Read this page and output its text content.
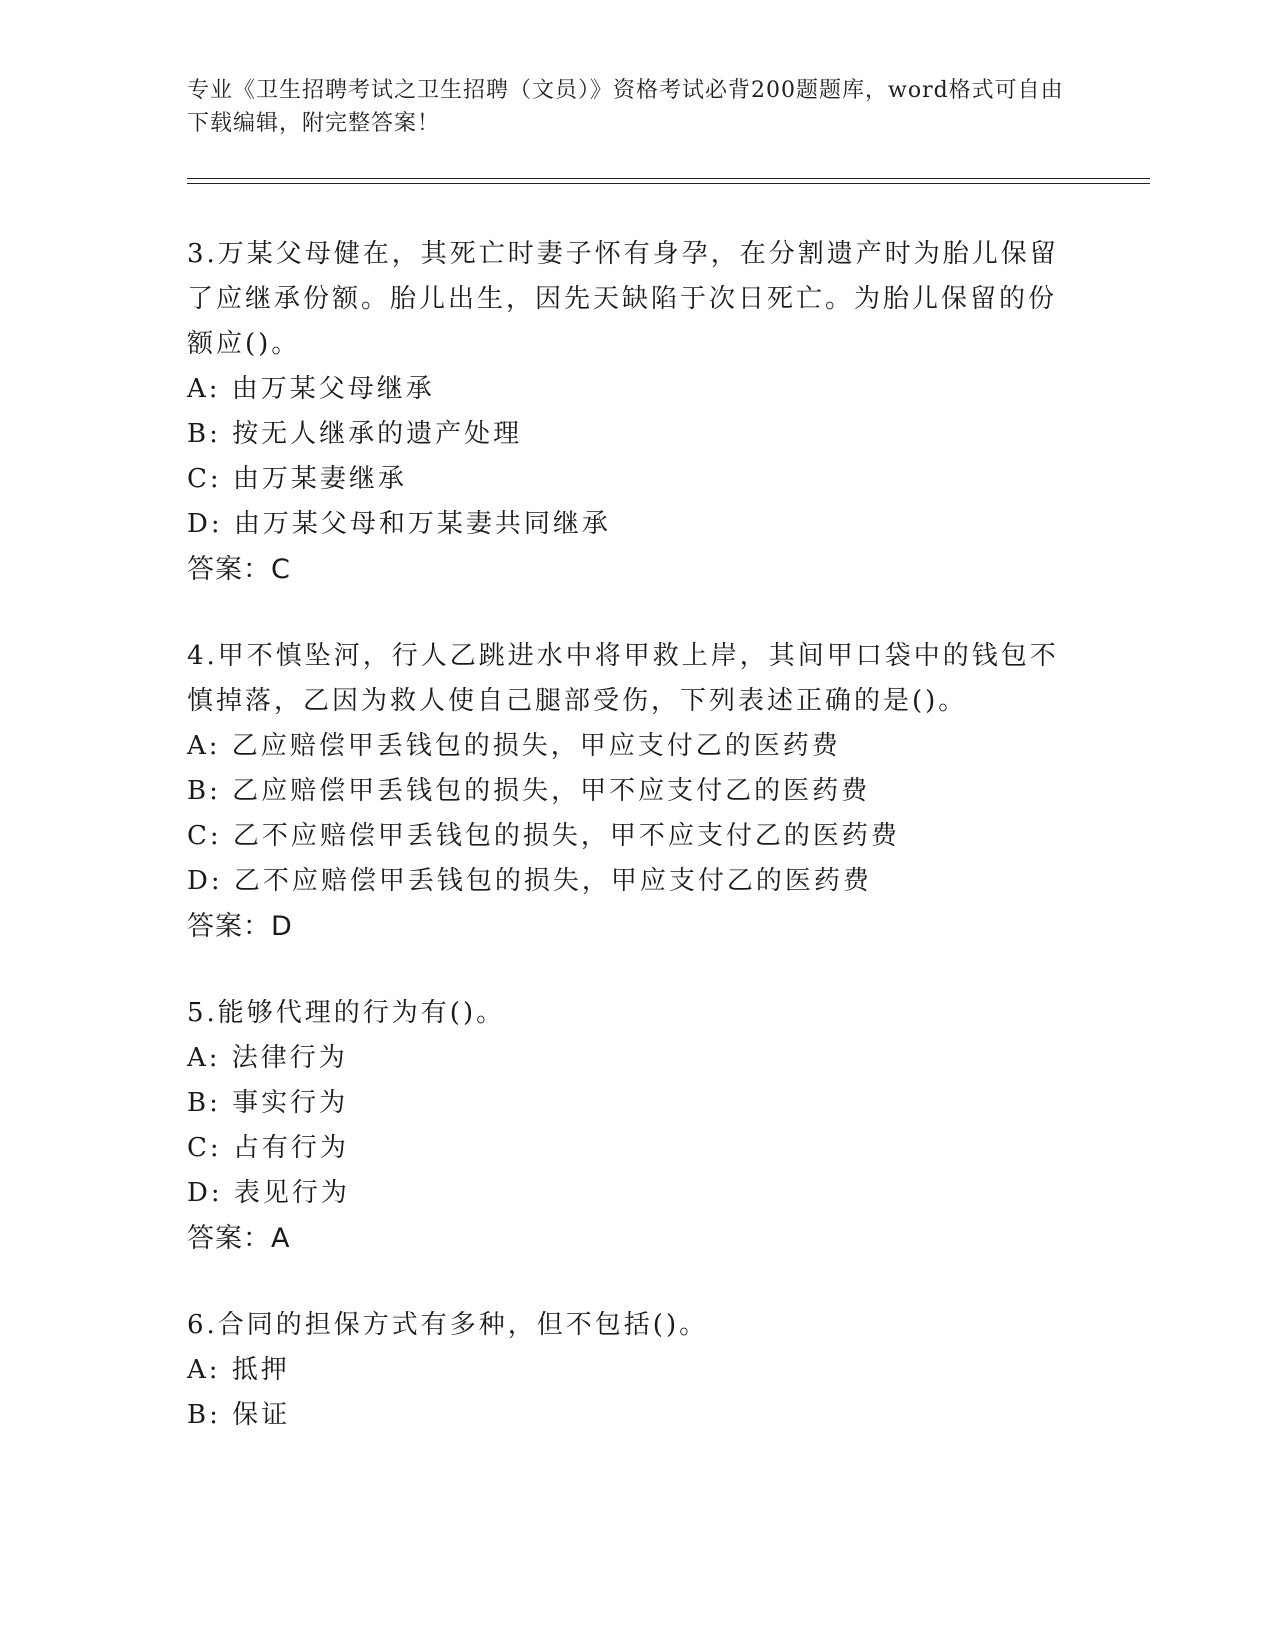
专业《卫生招聘考试之卫生招聘（文员）》资格考试必背200题题库，word格式可自由下载编辑，附完整答案！

3.万某父母健在，其死亡时妻子怀有身孕，在分割遗产时为胎儿保留了应继承份额。胎儿出生，因先天缺陷于次日死亡。为胎儿保留的份额应()。

A: 由万某父母继承

B: 按无人继承的遗产处理

C: 由万某妻继承

D: 由万某父母和万某妻共同继承

答案：C

4.甲不慎坠河，行人乙跳进水中将甲救上岸，其间甲口袋中的钱包不慎掉落，乙因为救人使自己腿部受伤，下列表述正确的是()。

A: 乙应赔偿甲丢钱包的损失，甲应支付乙的医药费

B: 乙应赔偿甲丢钱包的损失，甲不应支付乙的医药费

C: 乙不应赔偿甲丢钱包的损失，甲不应支付乙的医药费

D: 乙不应赔偿甲丢钱包的损失，甲应支付乙的医药费

答案：D

5.能够代理的行为有()。

A: 法律行为

B: 事实行为

C: 占有行为

D: 表见行为

答案：A

6.合同的担保方式有多种，但不包括()。

A: 抵押

B: 保证
